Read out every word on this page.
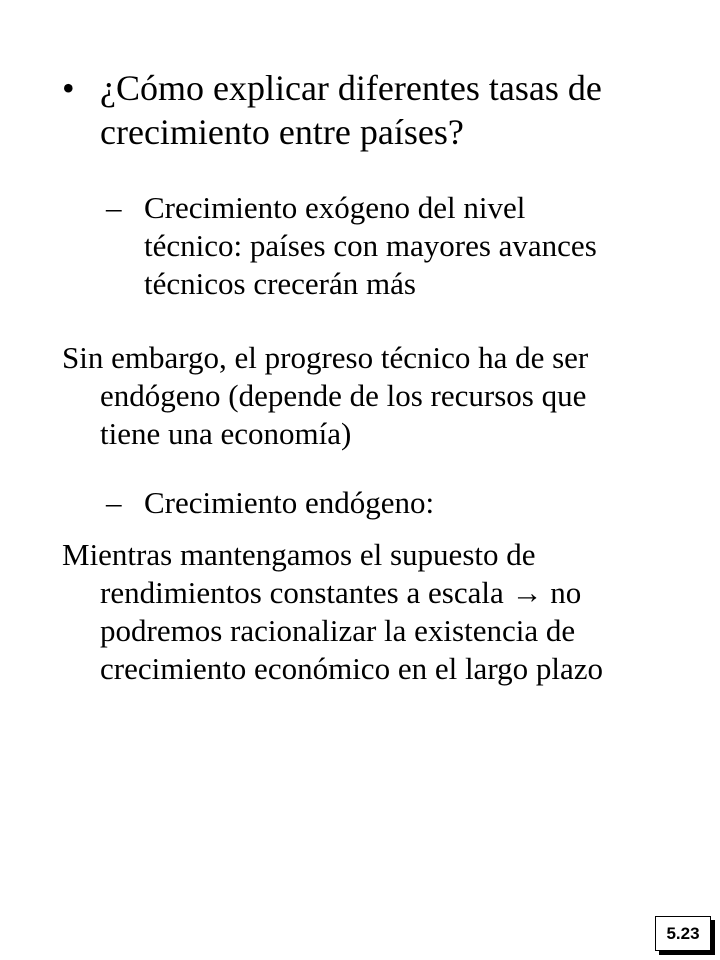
• ¿Cómo explicar diferentes tasas de
crecimiento entre países?
– Crecimiento exógeno del nivel
técnico: países con mayores avances
técnicos crecerán más
Sin embargo, el progreso técnico ha de ser
endógeno (depende de los recursos que
tiene una economía)
– Crecimiento endógeno:
Mientras mantengamos el supuesto de
rendimientos constantes a escala → no
podremos racionalizar la existencia de
crecimiento económico en el largo plazo
5.23
